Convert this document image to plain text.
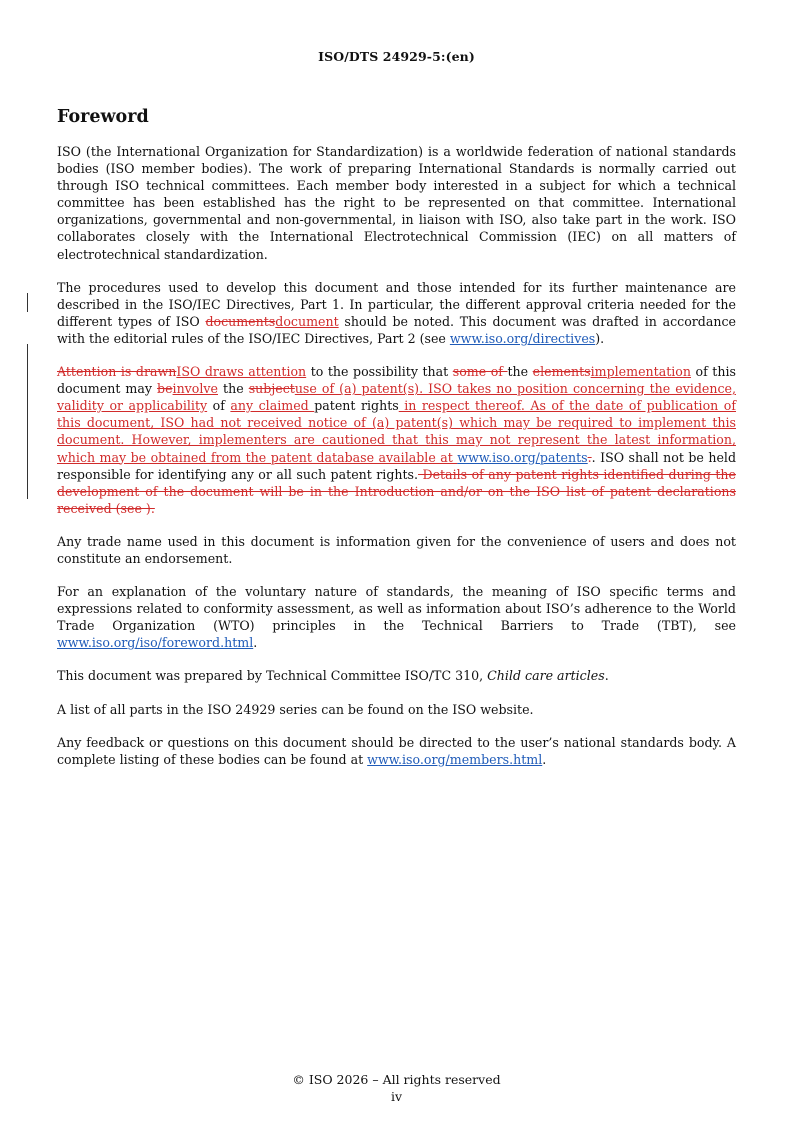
ISO/DTS 24929-5:(en)
Foreword

ISO (the International Organization for Standardization) is a worldwide federation of national standards bodies (ISO member bodies). The work of preparing International Standards is normally carried out through ISO technical committees. Each member body interested in a subject for which a technical committee has been established has the right to be represented on that committee. International organizations, governmental and non-governmental, in liaison with ISO, also take part in the work. ISO collaborates closely with the International Electrotechnical Commission (IEC) on all matters of electrotechnical standardization.

The procedures used to develop this document and those intended for its further maintenance are described in the ISO/IEC Directives, Part 1. In particular, the different approval criteria needed for the different types of ISO documentsdocument should be noted. This document was drafted in accordance with the editorial rules of the ISO/IEC Directives, Part 2 (see www.iso.org/directives).

Attention is drawnISO draws attention to the possibility that some of the elementsimplementation of this document may beinvolve the subjectuse of (a) patent(s). ISO takes no position concerning the evidence, validity or applicability of any claimed patent rights in respect thereof. As of the date of publication of this document, ISO had not received notice of (a) patent(s) which may be required to implement this document. However, implementers are cautioned that this may not represent the latest information, which may be obtained from the patent database available at www.iso.org/patents.. ISO shall not be held responsible for identifying any or all such patent rights. Details of any patent rights identified during the development of the document will be in the Introduction and/or on the ISO list of patent declarations received (see ).

Any trade name used in this document is information given for the convenience of users and does not constitute an endorsement.

For an explanation of the voluntary nature of standards, the meaning of ISO specific terms and expressions related to conformity assessment, as well as information about ISO’s adherence to the World Trade Organization (WTO) principles in the Technical Barriers to Trade (TBT), see www.iso.org/iso/foreword.html.

This document was prepared by Technical Committee ISO/TC 310, Child care articles.

A list of all parts in the ISO 24929 series can be found on the ISO website.

Any feedback or questions on this document should be directed to the user’s national standards body. A complete listing of these bodies can be found at www.iso.org/members.html.

© ISO 2026 – All rights reserved
iv
